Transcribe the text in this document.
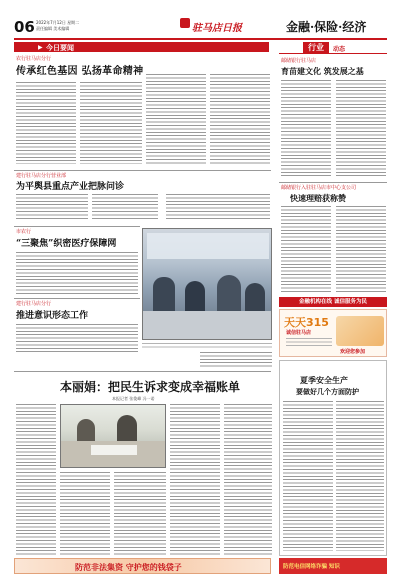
06 2022年7月12日 星期二
责任编辑 美术编辑	驻马店日报	金融·保险·经济
▶ 今日要闻	行业	动态
农行驻马店分行
传承红色基因 弘扬革命精神
建行驻马店分行营业部
为平舆县重点产业把脉问诊
市农行
“三聚焦”织密医疗保障网
建行驻马店分行
推进意识形态工作
本丽娟：把民生诉求变成幸福账单
本报记者 张俊峰 冯一诺
邮储银行驻马店
育苗建文化 筑发展之基
邮储银行入驻驻马店市中心支公司
快速理赔获称赞
金融机构在线 诚信服务为民
天天315
诚信驻马店
欢迎您参加
夏季安全生产
要做好几个方面防护
防范非法集资 守护您的钱袋子	防范电信网络诈骗 知识
